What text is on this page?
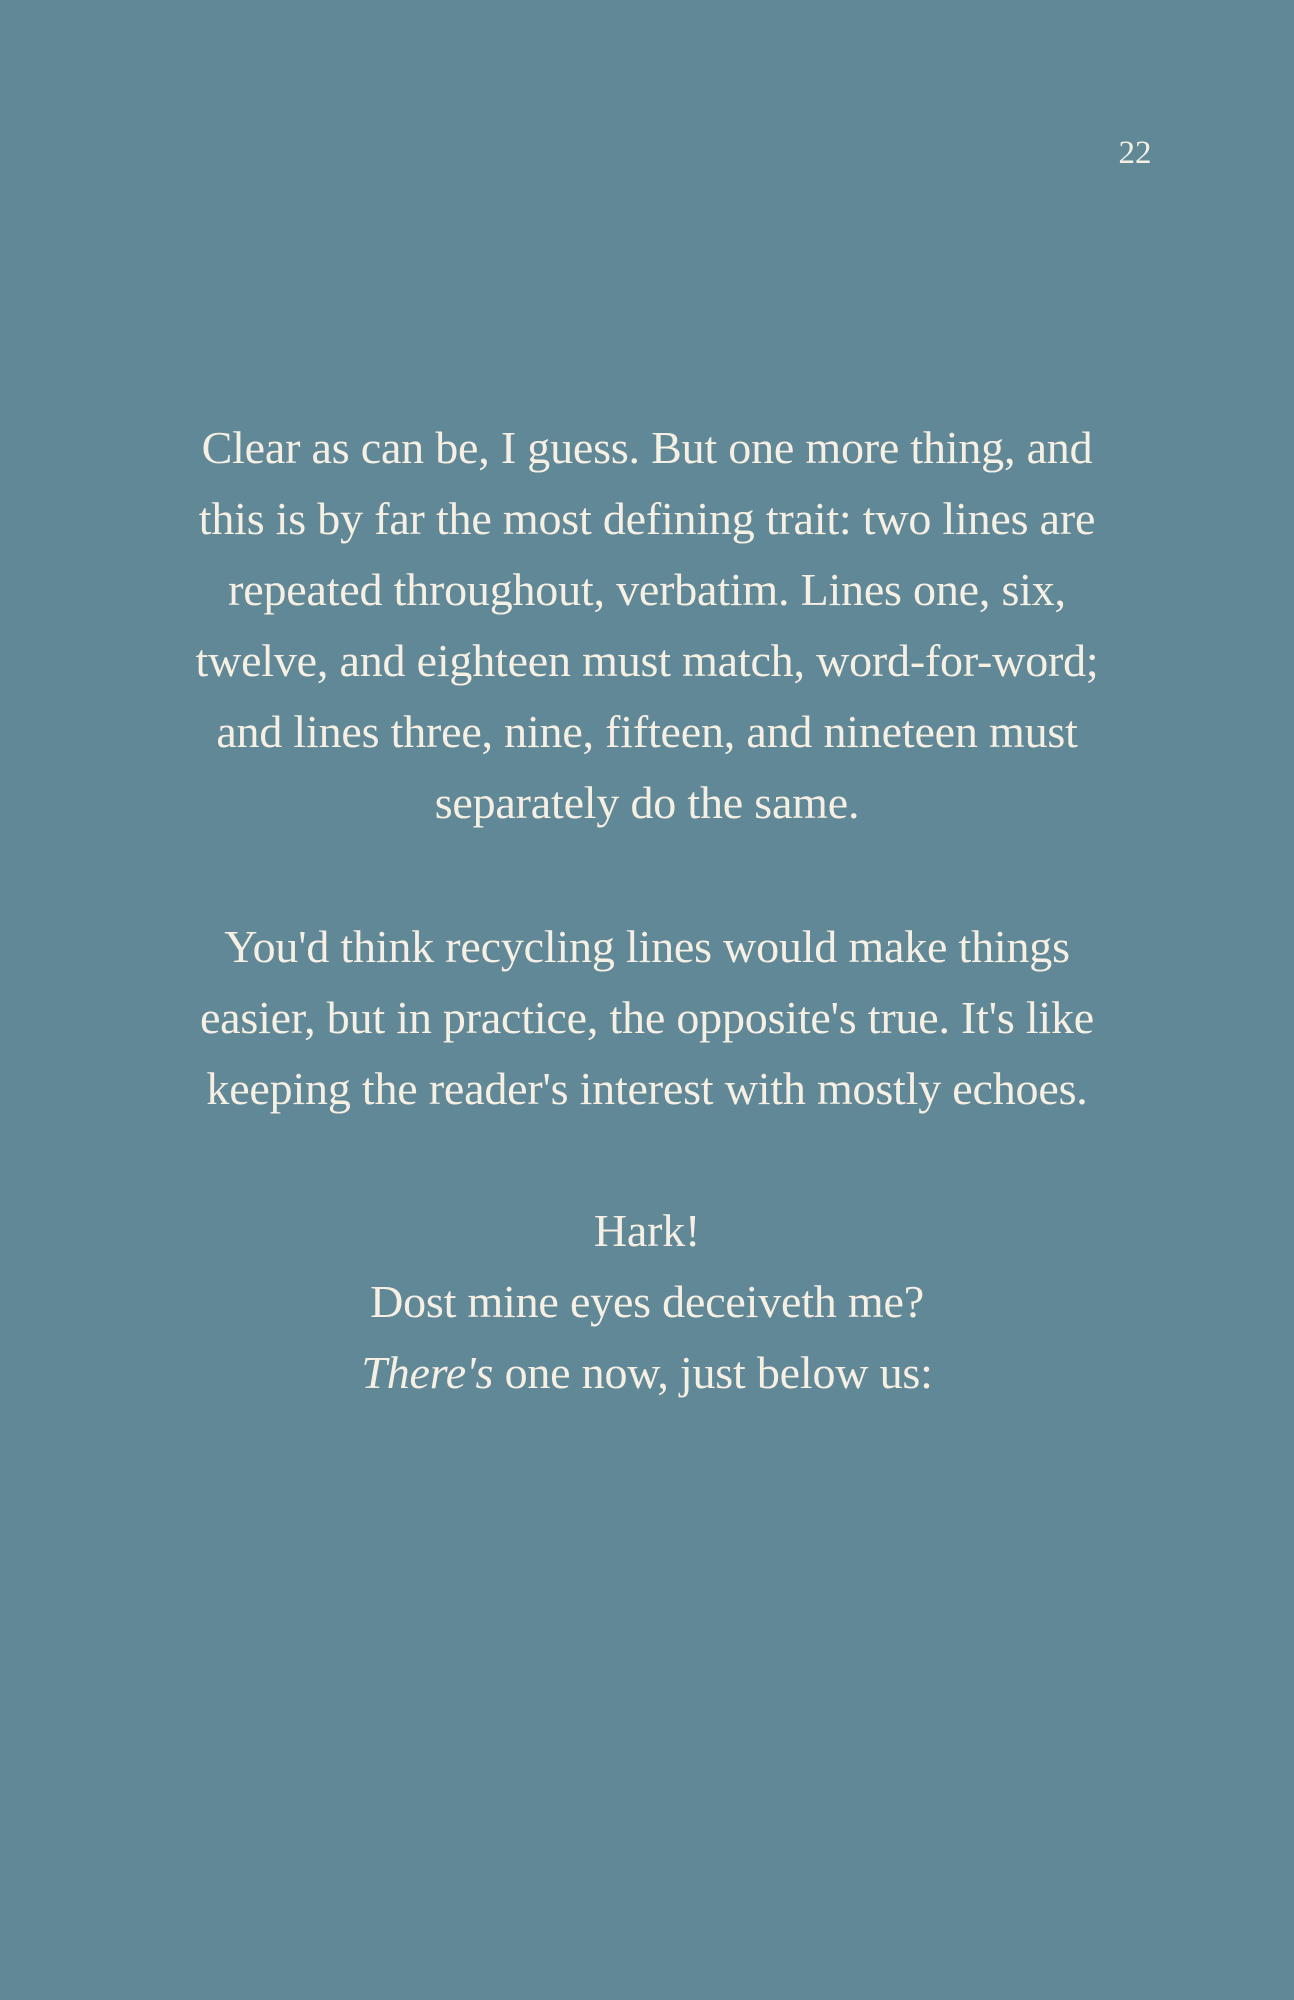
22
Clear as can be, I guess. But one more thing, and
this is by far the most defining trait: two lines are
repeated throughout, verbatim. Lines one, six,
twelve, and eighteen must match, word-for-word;
and lines three, nine, fifteen, and nineteen must
separately do the same.
You'd think recycling lines would make things
easier, but in practice, the opposite's true. It's like
keeping the reader's interest with mostly echoes.
Hark!
Dost mine eyes deceiveth me?
There's one now, just below us:
